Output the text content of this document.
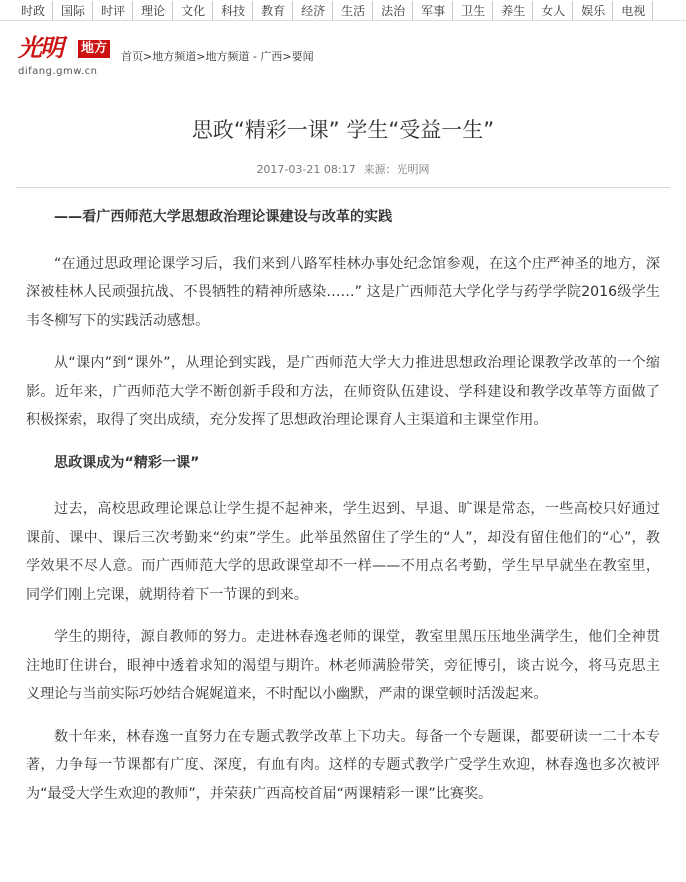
时政 国际 时评 理论 文化 科技 教育 经济 生活 法治 军事 卫生 养生 女人 娱乐 电视
光明 地方
difang.gmw.cn
首页>地方频道>地方频道 - 广西>要闻
思政“精彩一课” 学生“受益一生”
2017-03-21 08:17 来源：光明网

——看广西师范大学思想政治理论课建设与改革的实践

“在通过思政理论课学习后，我们来到八路军桂林办事处纪念馆参观，在这个庄严神圣的地方，深深被桂林人民顽强抗战、不畏牺牲的精神所感染……” 这是广西师范大学化学与药学学院2016级学生韦冬柳写下的实践活动感想。

从“课内”到“课外”，从理论到实践，是广西师范大学大力推进思想政治理论课教学改革的一个缩影。近年来，广西师范大学不断创新手段和方法，在师资队伍建设、学科建设和教学改革等方面做了积极探索，取得了突出成绩，充分发挥了思想政治理论课育人主渠道和主课堂作用。

思政课成为“精彩一课”

过去，高校思政理论课总让学生提不起神来，学生迟到、早退、旷课是常态，一些高校只好通过课前、课中、课后三次考勤来“约束”学生。此举虽然留住了学生的“人”，却没有留住他们的“心”，教学效果不尽人意。而广西师范大学的思政课堂却不一样——不用点名考勤，学生早早就坐在教室里，同学们刚上完课，就期待着下一节课的到来。

学生的期待，源自教师的努力。走进林春逸老师的课堂，教室里黑压压地坐满学生，他们全神贯注地盯住讲台，眼神中透着求知的渴望与期许。林老师满脸带笑，旁征博引，谈古说今，将马克思主义理论与当前实际巧妙结合娓娓道来，不时配以小幽默，严肃的课堂顿时活泼起来。

数十年来，林春逸一直努力在专题式教学改革上下功夫。每备一个专题课，都要研读一二十本专著，力争每一节课都有广度、深度，有血有肉。这样的专题式教学广受学生欢迎，林春逸也多次被评为“最受大学生欢迎的教师”，并荣获广西高校首届“两课精彩一课”比赛奖。
